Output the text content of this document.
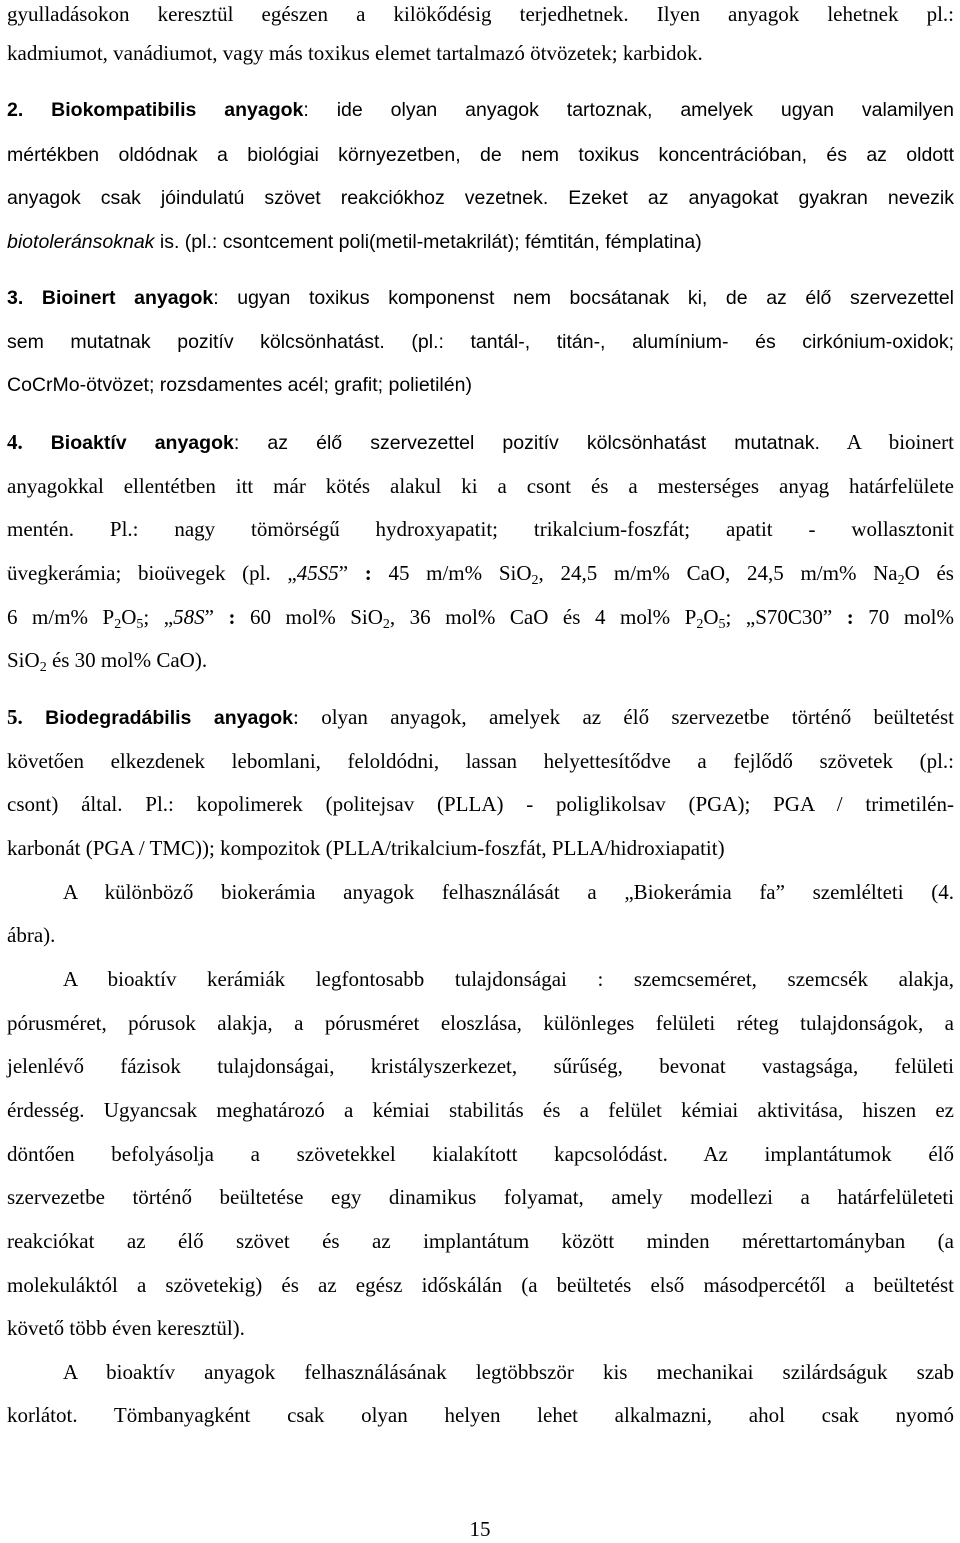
gyulladásokon keresztül egészen a kilökődésig terjedhetnek. Ilyen anyagok lehetnek pl.:
kadmiumot, vanádiumot, vagy más toxikus elemet tartalmazó ötvözetek; karbidok.
2. Biokompatibilis anyagok: ide olyan anyagok tartoznak, amelyek ugyan valamilyen
mértékben oldódnak a biológiai környezetben, de nem toxikus koncentrációban, és az oldott
anyagok csak jóindulatú szövet reakciókhoz vezetnek. Ezeket az anyagokat gyakran nevezik
biotoleránsoknak is. (pl.: csontcement poli(metil-metakrilát); fémtitán, fémplatina)
3. Bioinert anyagok: ugyan toxikus komponenst nem bocsátanak ki, de az élő szervezettel
sem mutatnak pozitív kölcsönhatást. (pl.: tantál-, titán-, alumínium- és cirkónium-oxidok;
CoCrMo-ötvözet; rozsdamentes acél; grafit; polietilén)
4. Bioaktív anyagok: az élő szervezettel pozitív kölcsönhatást mutatnak. A bioinert
anyagokkal ellentétben itt már kötés alakul ki a csont és a mesterséges anyag határfelülete
mentén. Pl.: nagy tömörségű hydroxyapatit; trikalcium-foszfát; apatit - wollasztonit
üvegkerámia; bioüvegek (pl. „45S5” : 45 m/m% SiO$_2$, 24,5 m/m% CaO, 24,5 m/m% $Na_2O$ és
6 m/m% $P_2O_5$; „58S” : 60 mol% SiO$_2$, 36 mol% CaO és 4 mol% $P_2O_5$; „S70C30” : 70 mol%
SiO$_2$ és 30 mol% CaO).
5. Biodegradábilis anyagok: olyan anyagok, amelyek az élő szervezetbe történő beültetést
követően elkezdenek lebomlani, feloldódni, lassan helyettesítődve a fejlődő szövetek (pl.:
csont) által. Pl.: kopolimerek (politejsav (PLLA) - poliglikolsav (PGA); PGA / trimetilén-
karbonát (PGA / TMC)); kompozitok (PLLA/trikalcium-foszfát, PLLA/hidroxiapatit)
A különböző biokerámia anyagok felhasználását a „Biokerámia fa” szemlélteti (4.
ábra).
A bioaktív kerámiák legfontosabb tulajdonságai : szemcseméret, szemcsék alakja,
pórusméret, pórusok alakja, a pórusméret eloszlása, különleges felületi réteg tulajdonságok, a
jelenlévő fázisok tulajdonságai, kristályszerkezet, sűrűség, bevonat vastagsága, felületi
érdesség. Ugyancsak meghatározó a kémiai stabilitás és a felület kémiai aktivitása, hiszen ez
döntően befolyásolja a szövetekkel kialakított kapcsolódást. Az implantátumok élő
szervezetbe történő beültetése egy dinamikus folyamat, amely modellezi a határfelületeti
reakciókat az élő szövet és az implantátum között minden mérettartományban (a
molekuláktól a szövetekig) és az egész időskálán (a beültetés első másodpercétől a beültetést
követő több éven keresztül).
A bioaktív anyagok felhasználásának legtöbbször kis mechanikai szilárdságuk szab
korlátot. Tömbanyagként csak olyan helyen lehet alkalmazni, ahol csak nyomó
15
